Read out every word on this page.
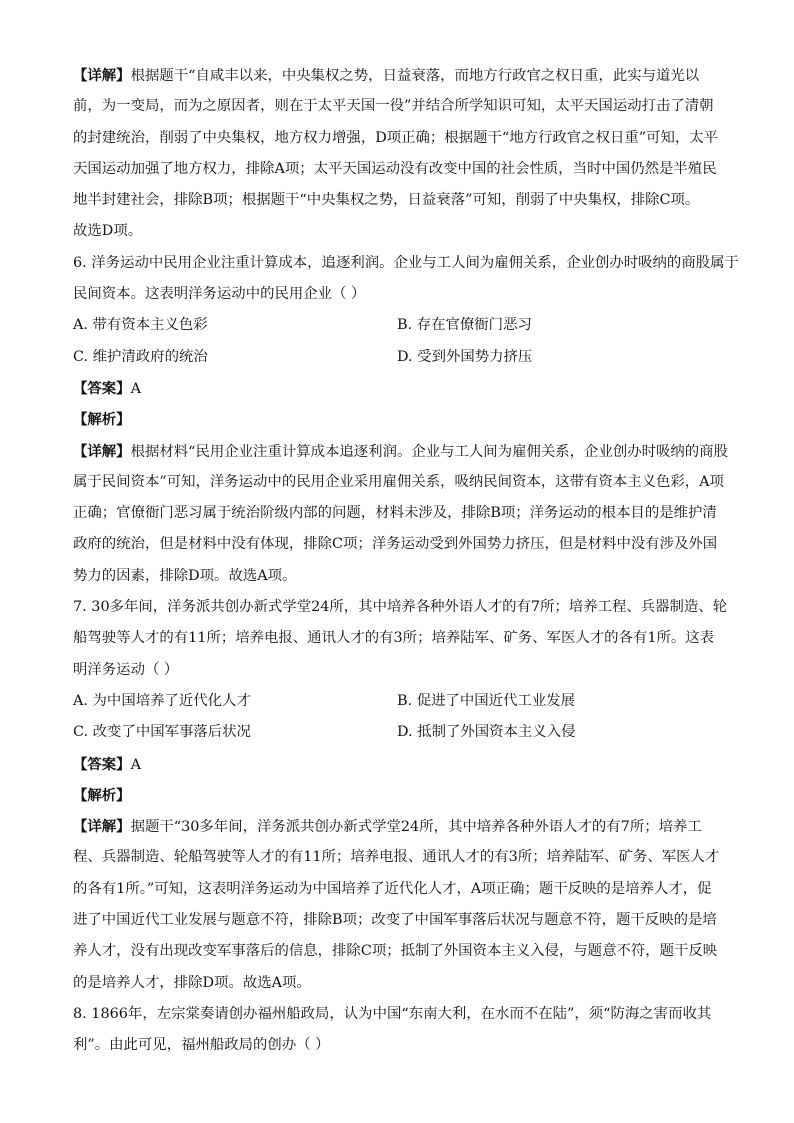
【详解】根据题干“自咸丰以来，中央集权之势，日益衰落，而地方行政官之权日重，此实与道光以
前，为一变局，而为之原因者，则在于太平天国一役”并结合所学知识可知，太平天国运动打击了清朝
的封建统治，削弱了中央集权，地方权力增强，D项正确；根据题干“地方行政官之权日重”可知，太平
天国运动加强了地方权力，排除A项；太平天国运动没有改变中国的社会性质，当时中国仍然是半殖民
地半封建社会，排除B项；根据题干“中央集权之势，日益衰落”可知，削弱了中央集权，排除C项。
故选D项。
6. 洋务运动中民用企业注重计算成本，追逐利润。企业与工人间为雇佣关系，企业创办时吸纳的商股属于
民间资本。这表明洋务运动中的民用企业（ ）
A. 带有资本主义色彩	B. 存在官僚衙门恶习
C. 维护清政府的统治	D. 受到外国势力挤压
【答案】A
【解析】
【详解】根据材料“民用企业注重计算成本追逐利润。企业与工人间为雇佣关系，企业创办时吸纳的商股
属于民间资本”可知，洋务运动中的民用企业采用雇佣关系，吸纳民间资本，这带有资本主义色彩，A项
正确；官僚衙门恶习属于统治阶级内部的问题，材料未涉及，排除B项；洋务运动的根本目的是维护清
政府的统治，但是材料中没有体现，排除C项；洋务运动受到外国势力挤压，但是材料中没有涉及外国
势力的因素，排除D项。故选A项。
7. 30多年间，洋务派共创办新式学堂24所，其中培养各种外语人才的有7所；培养工程、兵器制造、轮
船驾驶等人才的有11所；培养电报、通讯人才的有3所；培养陆军、矿务、军医人才的各有1所。这表
明洋务运动（ ）
A. 为中国培养了近代化人才	B. 促进了中国近代工业发展
C. 改变了中国军事落后状况	D. 抵制了外国资本主义入侵
【答案】A
【解析】
【详解】据题干“30多年间，洋务派共创办新式学堂24所，其中培养各种外语人才的有7所；培养工
程、兵器制造、轮船驾驶等人才的有11所；培养电报、通讯人才的有3所；培养陆军、矿务、军医人才
的各有1所。”可知，这表明洋务运动为中国培养了近代化人才，A项正确；题干反映的是培养人才，促
进了中国近代工业发展与题意不符，排除B项；改变了中国军事落后状况与题意不符，题干反映的是培
养人才，没有出现改变军事落后的信息，排除C项；抵制了外国资本主义入侵，与题意不符，题干反映
的是培养人才，排除D项。故选A项。
8. 1866年，左宗棠奏请创办福州船政局，认为中国“东南大利，在水而不在陆”，须“防海之害而收其
利”。由此可见，福州船政局的创办（ ）
